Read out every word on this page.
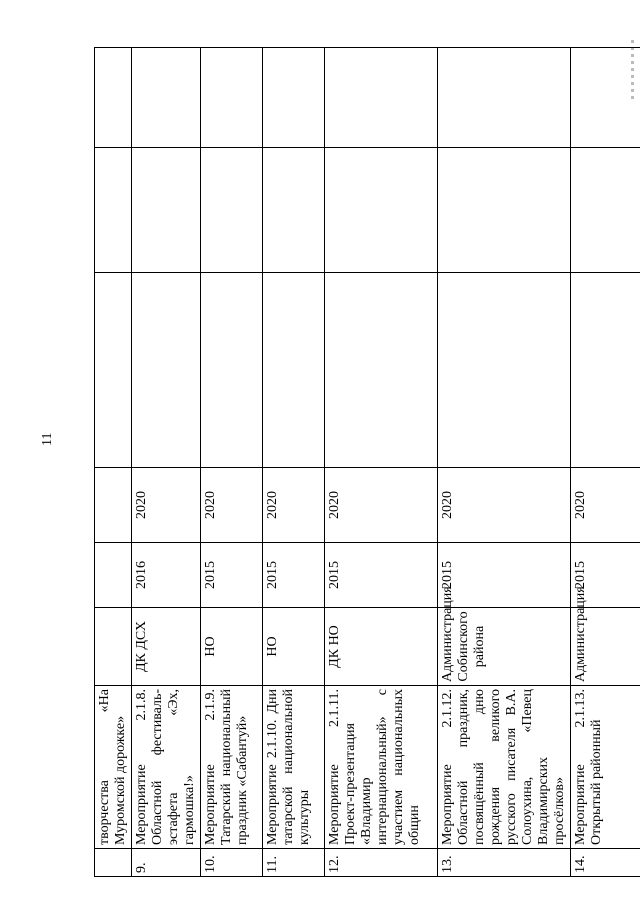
11
	творчества «На Муромской дорожке»						
9.	Мероприятие 2.1.8. Областной фестиваль-эстафета «Эх, гармошка!»	ДК ДСХ	2016	2020			
10.	Мероприятие 2.1.9. Татарский национальный праздник «Сабантуй»	НО	2015	2020			
11.	Мероприятие 2.1.10. Дни татарской национальной культуры	НО	2015	2020			
12.	Мероприятие 2.1.11. Проект-презентация «Владимир интернациональный» с участием национальных общин	ДК НО	2015	2020			
13.	Мероприятие 2.1.12. Областной праздник, посвящённый дню рождения великого русского писателя В.А. Солоухина, «Певец Владимирских просёлков»	Администрация Собинского района	2015	2020			
14.	Мероприятие 2.1.13. Открытый районный	Администрация	2015	2020			
